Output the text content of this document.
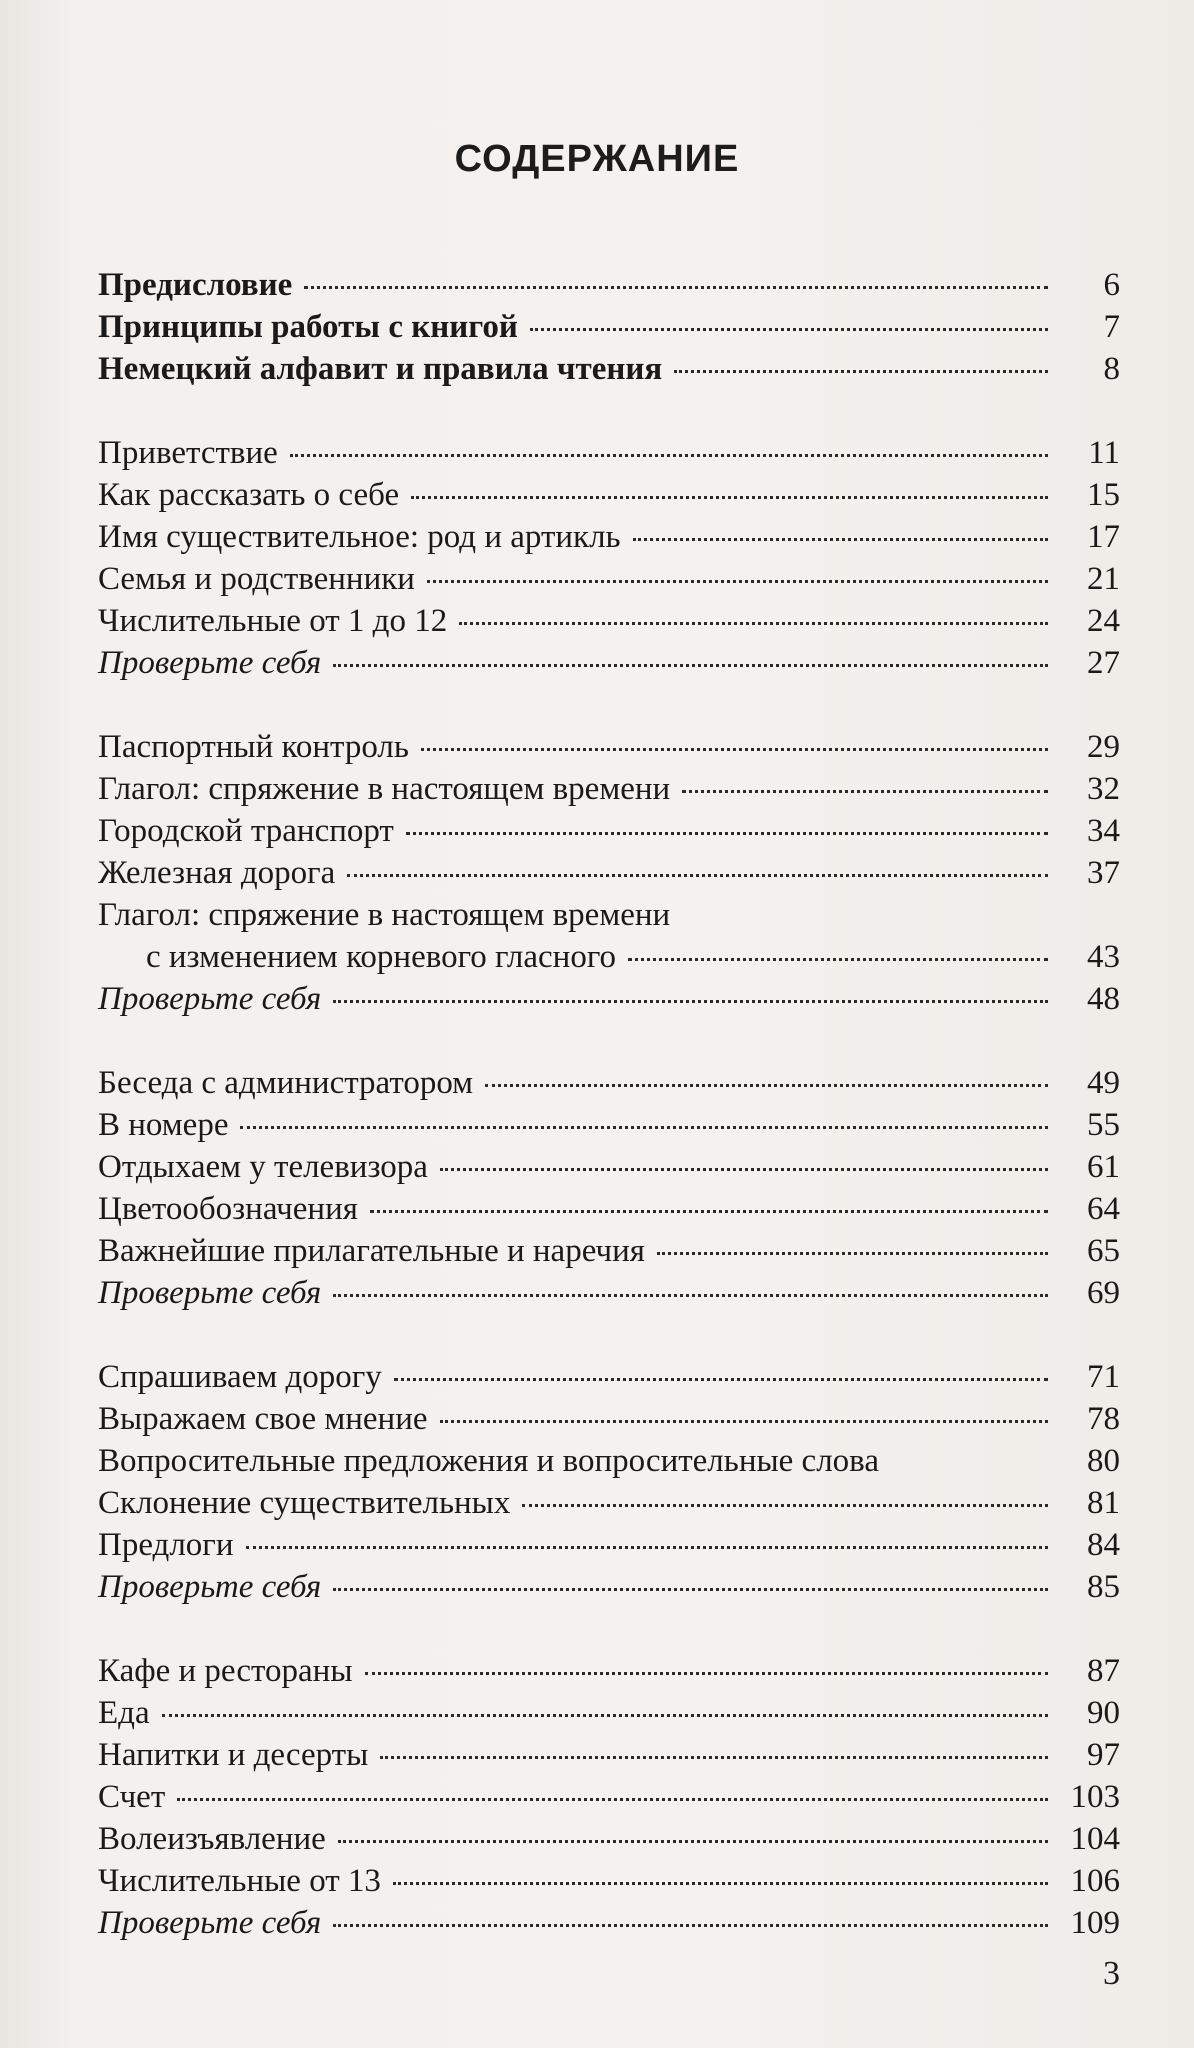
СОДЕРЖАНИЕ
Предисловие	6
Принципы работы с книгой	7
Немецкий алфавит и правила чтения	8
Приветствие	11
Как рассказать о себе	15
Имя существительное: род и артикль	17
Семья и родственники	21
Числительные от 1 до 12	24
Проверьте себя	27
Паспортный контроль	29
Глагол: спряжение в настоящем времени	32
Городской транспорт	34
Железная дорога	37
Глагол: спряжение в настоящем времени
с изменением корневого гласного	43
Проверьте себя	48
Беседа с администратором	49
В номере	55
Отдыхаем у телевизора	61
Цветообозначения	64
Важнейшие прилагательные и наречия	65
Проверьте себя	69
Спрашиваем дорогу	71
Выражаем свое мнение	78
Вопросительные предложения и вопросительные слова	80
Склонение существительных	81
Предлоги	84
Проверьте себя	85
Кафе и рестораны	87
Еда	90
Напитки и десерты	97
Счет	103
Волеизъявление	104
Числительные от 13	106
Проверьте себя	109
3
